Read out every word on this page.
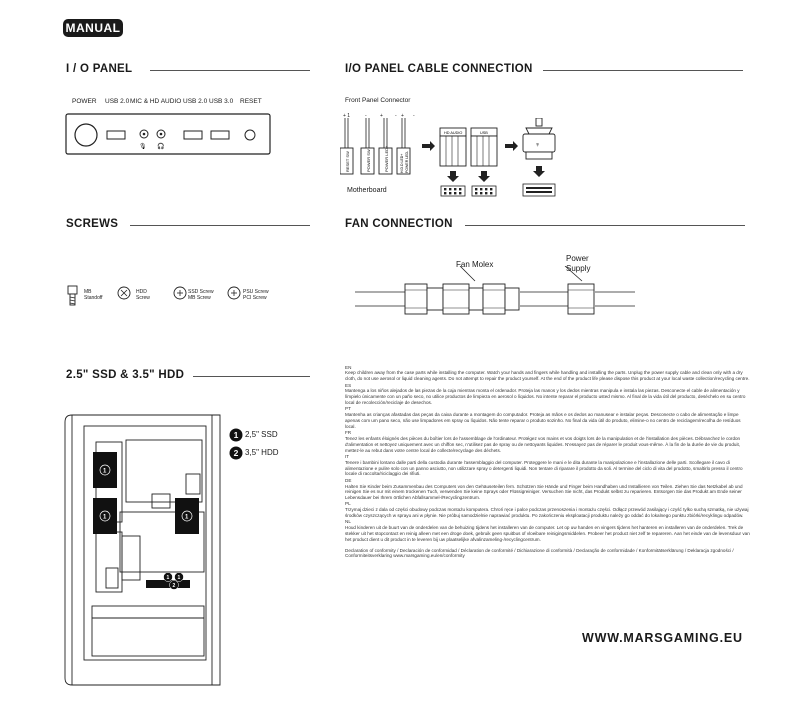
MANUAL
I / O PANEL	I/O PANEL CABLE CONNECTION
SCREWS	FAN CONNECTION
2.5" SSD & 3.5" HDD
POWER USB 2.0 MIC & HD AUDIO USB 2.0 USB 3.0 RESET
🎙 🎧
Front Panel Connector
+ 1	-	+ - + -
RESET SW	POWER SW	POWER LED+	H.D.D LED+ POWER LED-
HD AUDIO	USB
♆
Motherboard
MB
Standoff
HDD
Screw
SSD Screw
MB Screw
PSU Screw
PCI Screw
Fan Molex
Power
Supply
1
1	1
1 1
2
1 2,5" SSD
2 3,5" HDD

EN

Keep children away from the case parts while installing the computer. Watch your hands and fingers while handling and installing the parts. Unplug the power supply cable and clean only with a dry cloth, do not use aerosol or liquid cleaning agents. Do not attempt to repair the product yourself. At the end of the product life please dispose this product at your local waste collection/recycling centre.

ES

Mantenga a los niños alejados de las piezas de la caja mientras monta el ordenador. Proteja las manos y los dedos mientras manipula e instala las piezas. Desconecte el cable de alimentación y límpielo únicamente con un paño seco, no utilice productos de limpieza en aerosol o líquidos. No intente reparar el producto usted mismo. Al final de la vida útil del producto, deséchelo en su centro local de recolección/reciclaje de desechos.

PT

Mantenha as crianças afastadas das peças da caixa durante a montagem do computador. Proteja as mãos e os dedos ao manusear e instalar peças. Desconecte o cabo de alimentação e limpe apenas com um pano seco, não use limpadores em spray ou líquidos. Não tente reparar o produto sozinho. No final da vida útil do produto, elimine-o no centro de reciclagem/recolha de resíduos local.

FR

Tenez les enfants éloignés des pièces du boîtier lors de l'assemblage de l'ordinateur. Protégez vos mains et vos doigts lors de la manipulation et de l'installation des pièces. Débranchez le cordon d'alimentation et nettoyez uniquement avec un chiffon sec, n'utilisez pas de spray ou de nettoyants liquides. N'essayez pas de réparer le produit vous-même. À la fin de la durée de vie du produit, mettez-le au rebut dans votre centre local de collecte/recyclage des déchets.

IT

Tenere i bambini lontano dalle parti della custodia durante l'assemblaggio del computer. Proteggere le mani e le dita durante la manipolazione e l'installazione delle parti. Scollegare il cavo di alimentazione e pulire solo con un panno asciutto, non utilizzare spray o detergenti liquidi. Non tentare di riparare il prodotto da soli. Al termine del ciclo di vita del prodotto, smaltirlo presso il centro locale di raccolta/riciclaggio dei rifiuti.

DE

Halten Sie Kinder beim Zusammenbau des Computers von den Gehäuseteilen fern. Schützen Sie Hände und Finger beim Handhaben und Installieren von Teilen. Ziehen Sie das Netzkabel ab und reinigen Sie es nur mit einem trockenen Tuch, verwenden Sie keine Sprays oder Flüssigreiniger. Versuchen Sie nicht, das Produkt selbst zu reparieren. Entsorgen Sie das Produkt am Ende seiner Lebensdauer bei Ihrem örtlichen Abfallsammel-/Recyclingzentrum.

PL

Trzymaj dzieci z dala od części obudowy podczas montażu komputera. Chroń ręce i palce podczas przenoszenia i montażu części. Odłącz przewód zasilający i czyść tylko suchą szmatką, nie używaj środków czyszczących w sprayu ani w płynie. Nie próbuj samodzielnie naprawiać produktu. Po zakończeniu eksploatacji produktu należy go oddać do lokalnego punktu zbiórki/recyklingu odpadów.

NL

Houd kinderen uit de buurt van de onderdelen van de behuizing tijdens het installeren van de computer. Let op uw handen en vingers tijdens het hanteren en installeren van de onderdelen. Trek de stekker uit het stopcontact en reinig alleen met een droge doek, gebruik geen spuitbus of vloeibare reinigingsmiddelen. Probeer het product niet zelf te repareren. Aan het einde van de levensduur van het product dient u dit product in te leveren bij uw plaatselijke afvalinzameling-/recyclingcentrum.

Declaration of conformity / Declaración de conformidad / Déclaration de conformité / Dichiarazione di conformità / Declaração de conformidade / Konformitätserklärung / Deklaracja zgodności / Conformiteitsverklaring www.marsgaming.eu/en/conformity

WWW.MARSGAMING.EU
